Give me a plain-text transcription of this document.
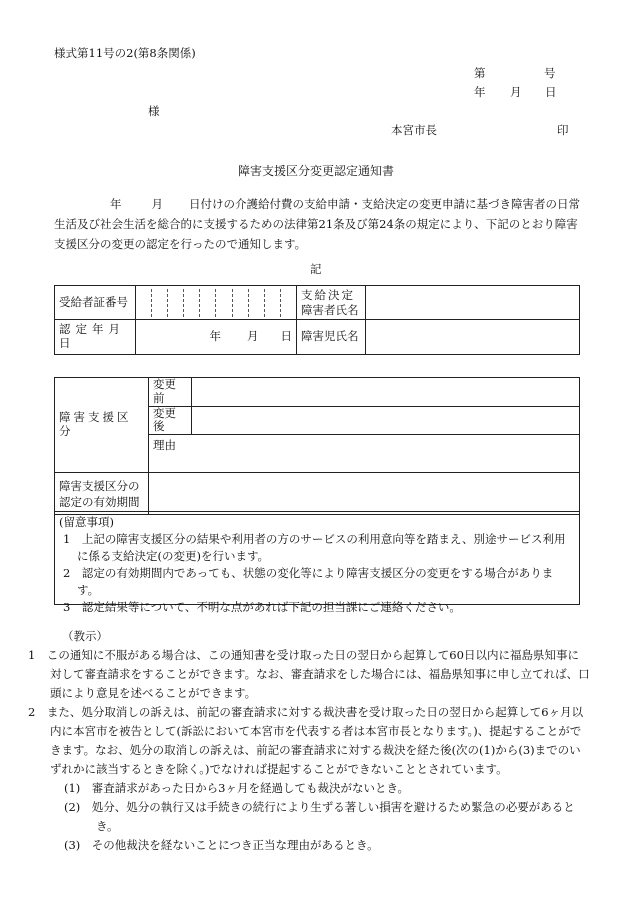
様式第11号の2(第8条関係)
第	号
年 月 日
様
本宮市長	印
障害支援区分変更認定通知書
年	月 日付けの介護給付費の支給申請・支給決定の変更申請に基づき障害者の日常生活及び社会生活を総合的に支援するための法律第21条及び第24条の規定により、下記のとおり障害支援区分の変更の認定を行ったので通知します。
記
受給者証番号		支給決定
障害者氏名	

認定年月日	年 月 日	障害児氏名	
障害支援区分	変更前	
	変更後	
	理由	

障害支援区分の
認定の有効期間		

(留意事項)
1　上記の障害支援区分の結果や利用者の方のサービスの利用意向等を踏まえ、別途サービス利用に係る支給決定(の変更)を行います。
2　認定の有効期間内であっても、状態の変化等により障害支援区分の変更をする場合があります。
3　認定結果等について、不明な点があれば下記の担当課にご連絡ください。
（教示）
1　この通知に不服がある場合は、この通知書を受け取った日の翌日から起算して60日以内に福島県知事に対して審査請求をすることができます。なお、審査請求をした場合には、福島県知事に申し立てれば、口頭により意見を述べることができます。
2　また、処分取消しの訴えは、前記の審査請求に対する裁決書を受け取った日の翌日から起算して6ヶ月以内に本宮市を被告として(訴訟において本宮市を代表する者は本宮市長となります。)、提起することができます。なお、処分の取消しの訴えは、前記の審査請求に対する裁決を経た後(次の(1)から(3)までのいずれかに該当するときを除く。)でなければ提起することができないこととされています。
(1)　審査請求があった日から3ヶ月を経過しても裁決がないとき。
(2)　処分、処分の執行又は手続きの続行により生ずる著しい損害を避けるため緊急の必要があるとき。
(3)　その他裁決を経ないことにつき正当な理由があるとき。
